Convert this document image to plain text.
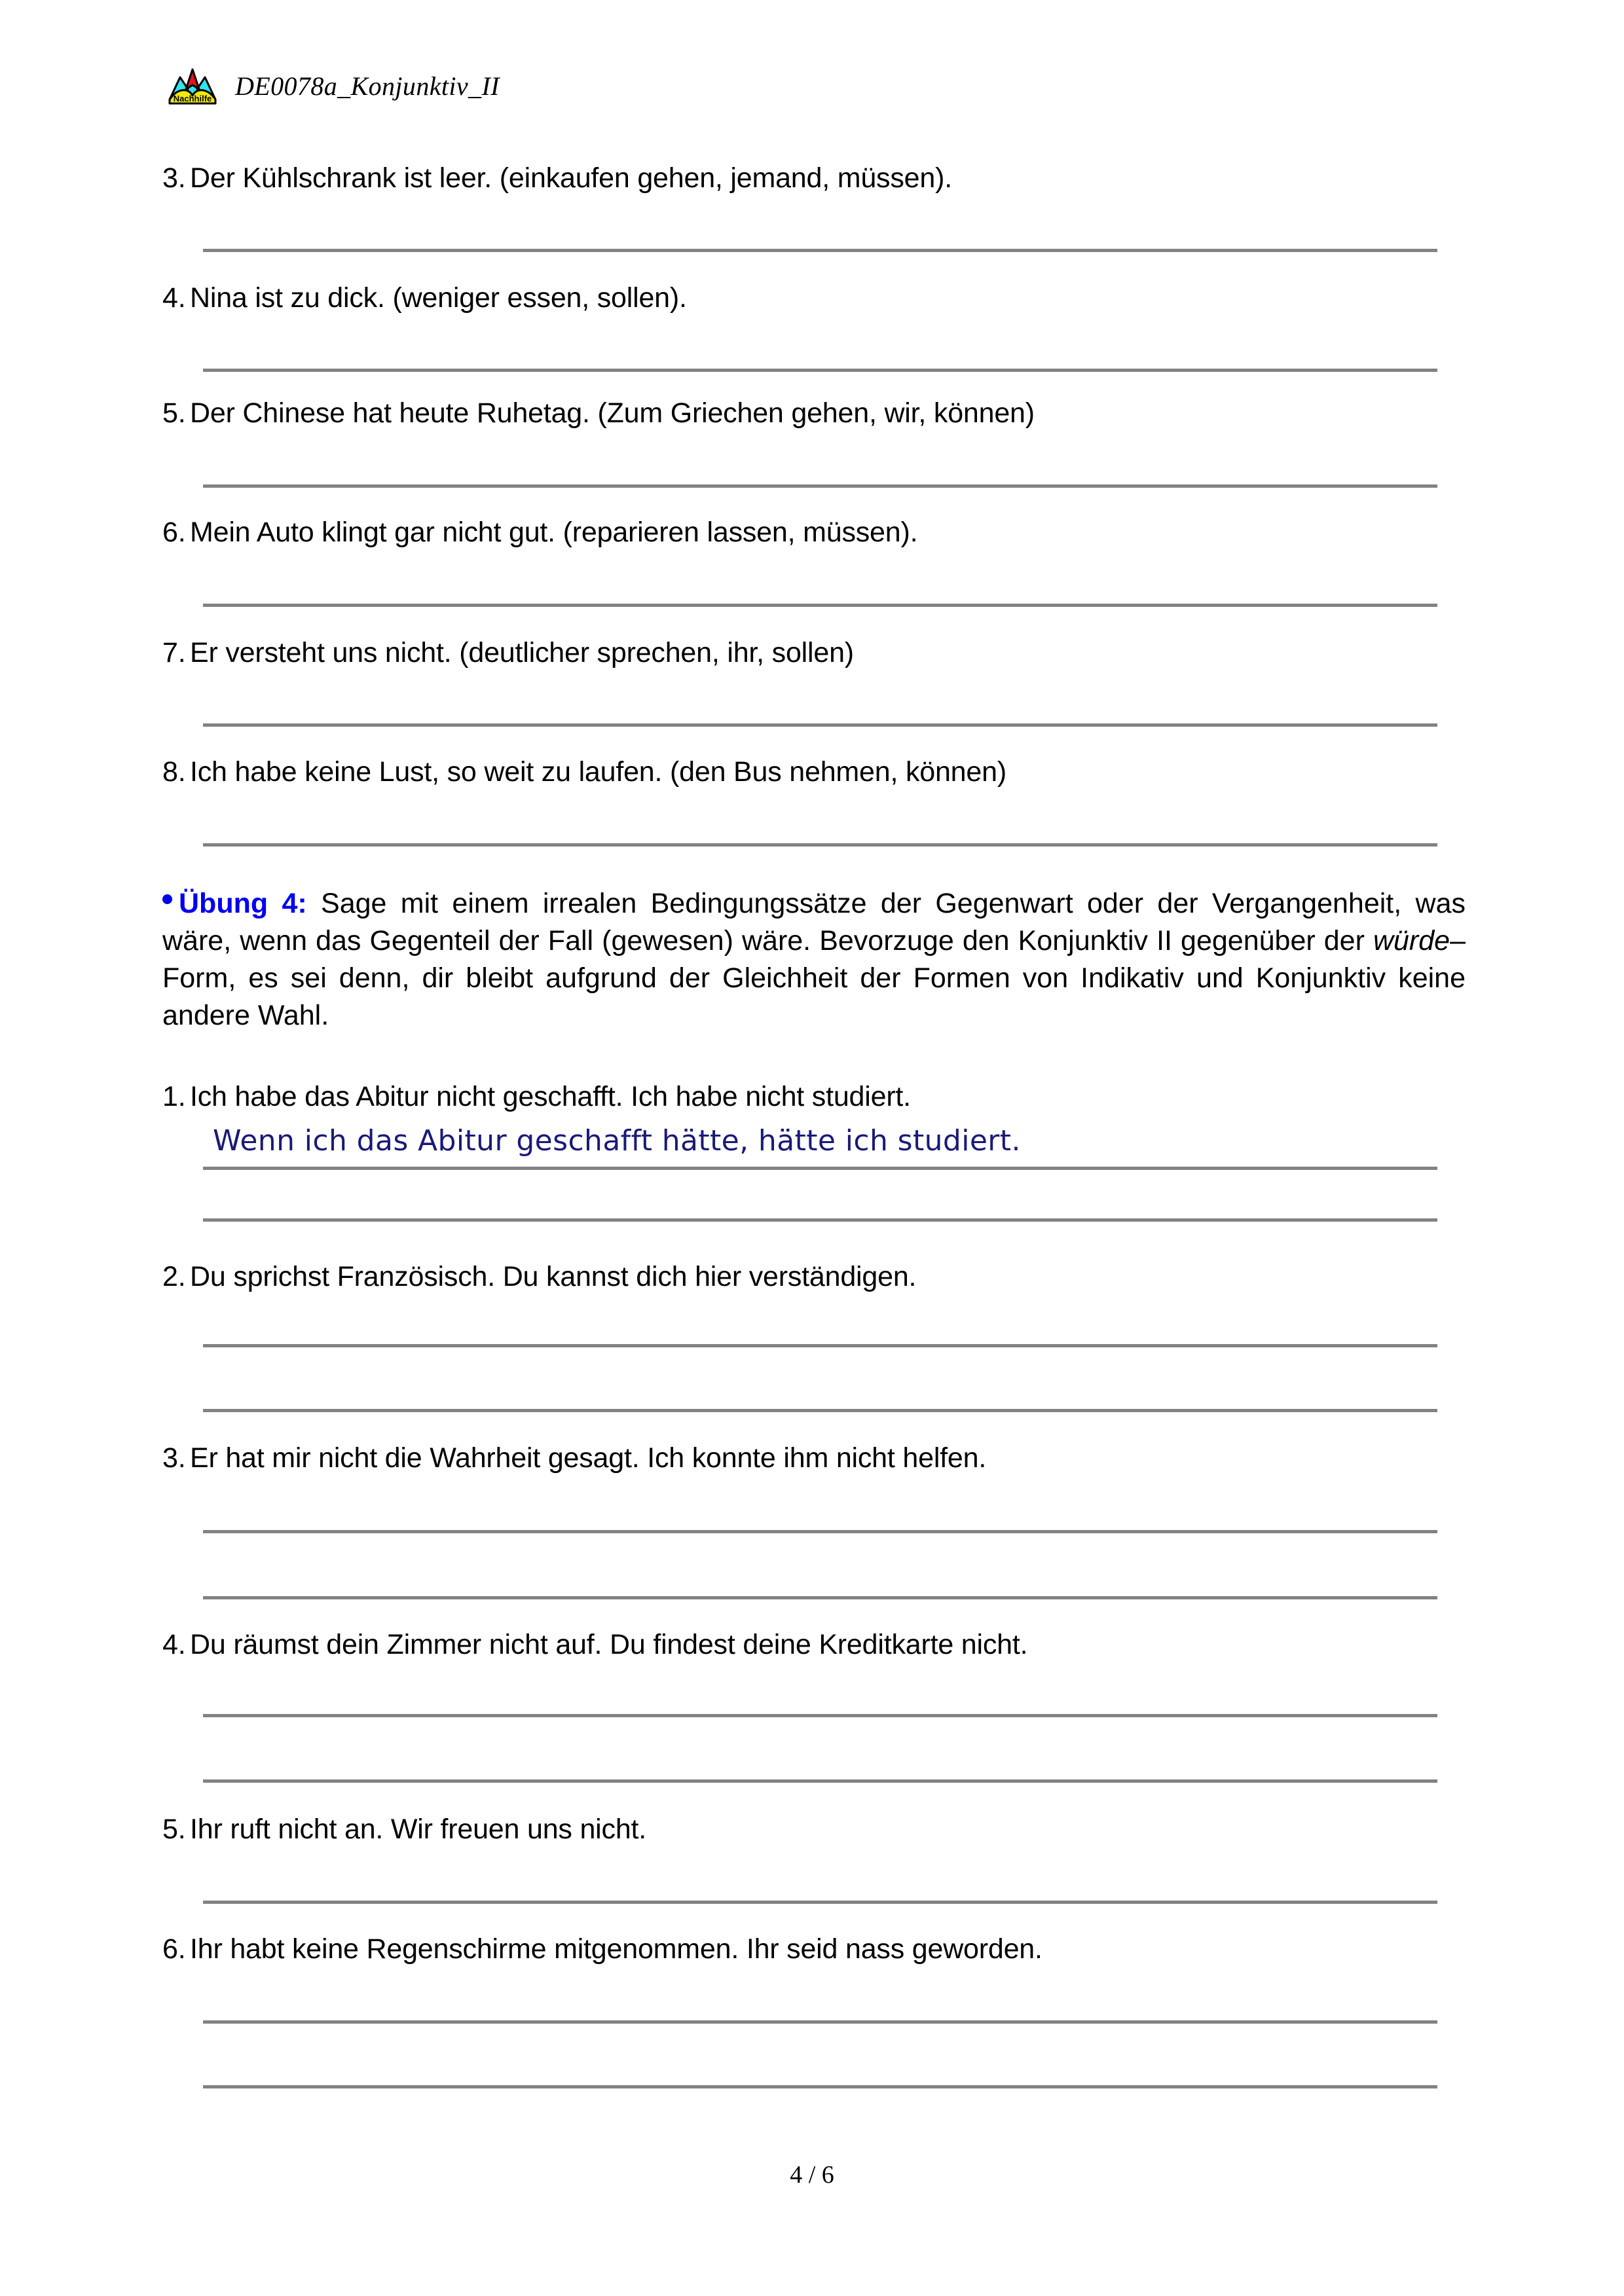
Nachhilfe DE0078a_Konjunktiv_II
3. Der Kühlschrank ist leer. (einkaufen gehen, jemand, müssen).
4. Nina ist zu dick. (weniger essen, sollen).
5. Der Chinese hat heute Ruhetag. (Zum Griechen gehen, wir, können)
6. Mein Auto klingt gar nicht gut. (reparieren lassen, müssen).
7. Er versteht uns nicht. (deutlicher sprechen, ihr, sollen)
8. Ich habe keine Lust, so weit zu laufen. (den Bus nehmen, können)

Übung 4: Sage mit einem irrealen Bedingungssätze der Gegenwart oder der Vergangenheit, was wäre, wenn das Gegenteil der Fall (gewesen) wäre. Bevorzuge den Konjunktiv II gegenüber der würde–Form, es sei denn, dir bleibt aufgrund der Gleichheit der Formen von Indikativ und Konjunktiv keine andere Wahl.

1. Ich habe das Abitur nicht geschafft. Ich habe nicht studiert.
Wenn ich das Abitur geschafft hätte, hätte ich studiert.
2. Du sprichst Französisch. Du kannst dich hier verständigen.
3. Er hat mir nicht die Wahrheit gesagt. Ich konnte ihm nicht helfen.
4. Du räumst dein Zimmer nicht auf. Du findest deine Kreditkarte nicht.
5. Ihr ruft nicht an. Wir freuen uns nicht.
6. Ihr habt keine Regenschirme mitgenommen. Ihr seid nass geworden.
4 / 6
